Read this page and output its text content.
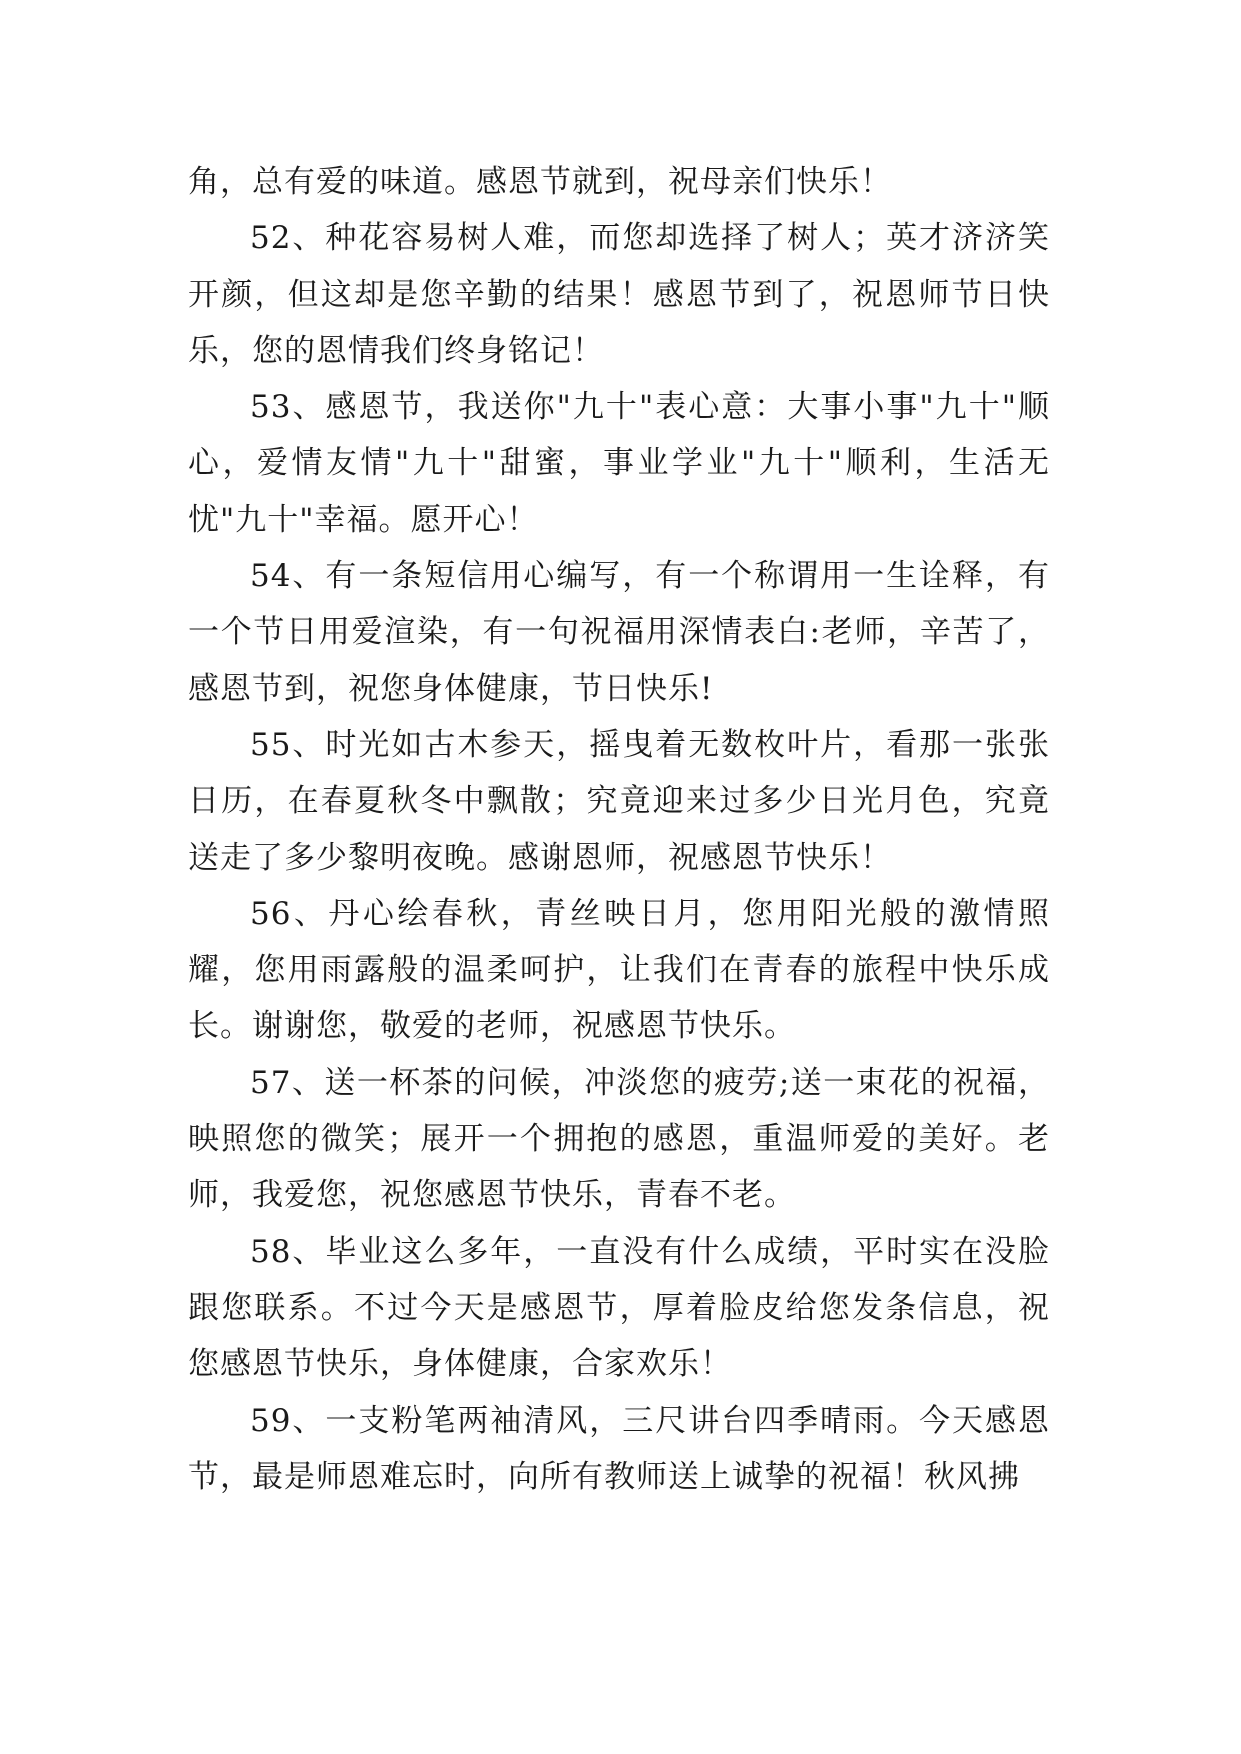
角，总有爱的味道。感恩节就到，祝母亲们快乐！

52、种花容易树人难，而您却选择了树人；英才济济笑开颜，但这却是您辛勤的结果！感恩节到了，祝恩师节日快乐，您的恩情我们终身铭记！

53、感恩节，我送你"九十"表心意：大事小事"九十"顺心，爱情友情"九十"甜蜜，事业学业"九十"顺利，生活无忧"九十"幸福。愿开心！

54、有一条短信用心编写，有一个称谓用一生诠释，有一个节日用爱渲染，有一句祝福用深情表白:老师，辛苦了，感恩节到，祝您身体健康，节日快乐!

55、时光如古木参天，摇曳着无数枚叶片，看那一张张日历，在春夏秋冬中飘散；究竟迎来过多少日光月色，究竟送走了多少黎明夜晚。感谢恩师，祝感恩节快乐！

56、丹心绘春秋，青丝映日月，您用阳光般的激情照耀，您用雨露般的温柔呵护，让我们在青春的旅程中快乐成长。谢谢您，敬爱的老师，祝感恩节快乐。

57、送一杯茶的问候，冲淡您的疲劳;送一束花的祝福，映照您的微笑；展开一个拥抱的感恩，重温师爱的美好。老师，我爱您，祝您感恩节快乐，青春不老。

58、毕业这么多年，一直没有什么成绩，平时实在没脸跟您联系。不过今天是感恩节，厚着脸皮给您发条信息，祝您感恩节快乐，身体健康，合家欢乐！

59、一支粉笔两袖清风，三尺讲台四季晴雨。今天感恩节，最是师恩难忘时，向所有教师送上诚挚的祝福！秋风拂
